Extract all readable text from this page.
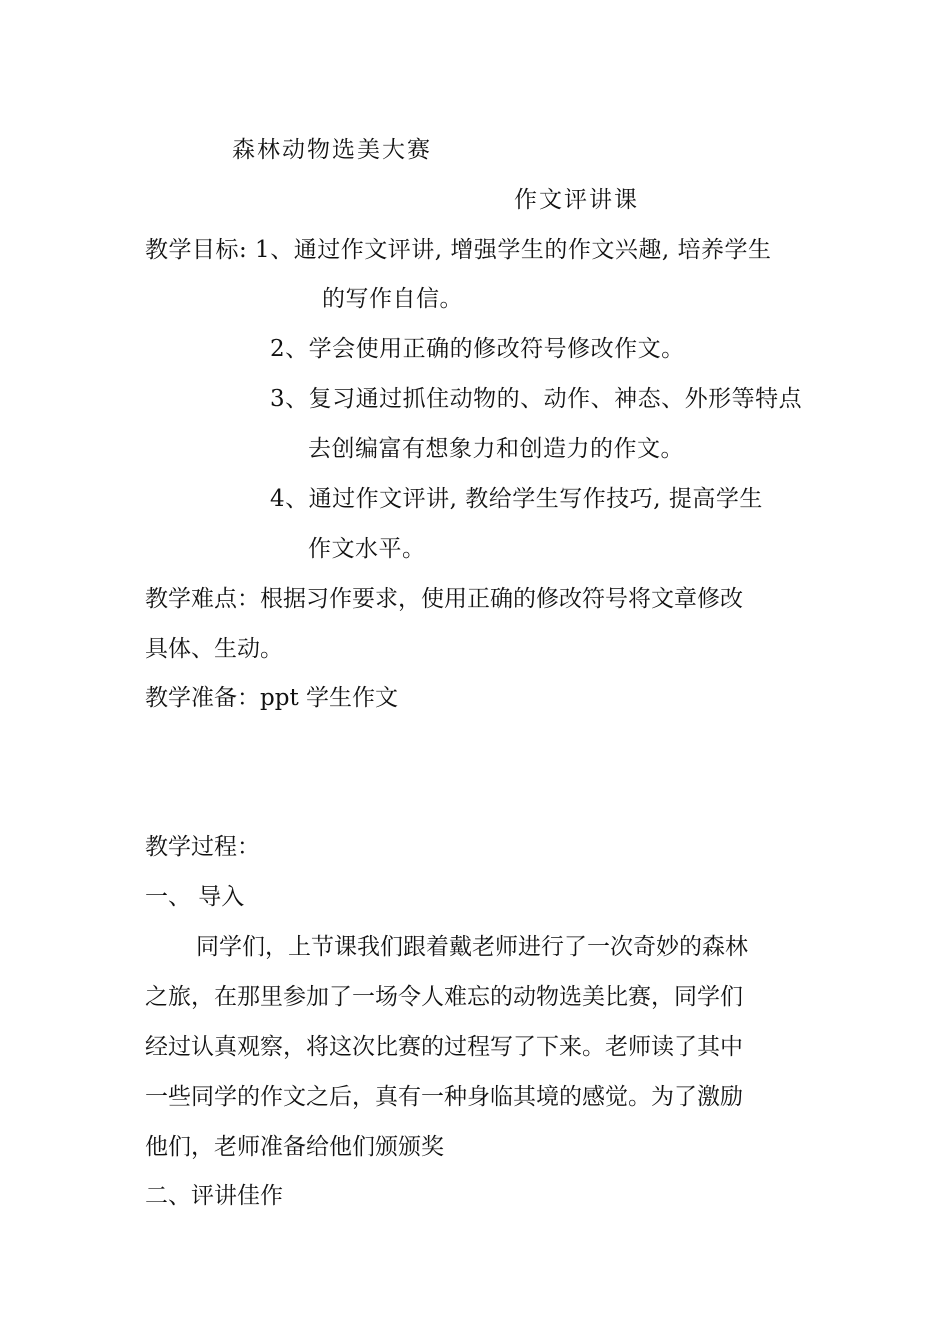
森林动物选美大赛
作文评讲课
教学目标: 1、通过作文评讲, 增强学生的作文兴趣, 培养学生
的写作自信。
2、学会使用正确的修改符号修改作文。
3、复习通过抓住动物的、动作、神态、外形等特点
去创编富有想象力和创造力的作文。
4、通过作文评讲, 教给学生写作技巧, 提高学生
作文水平。
教学难点：根据习作要求，使用正确的修改符号将文章修改
具体、生动。
教学准备：ppt 学生作文
教学过程：
一、 导入
同学们，上节课我们跟着戴老师进行了一次奇妙的森林
之旅，在那里参加了一场令人难忘的动物选美比赛，同学们
经过认真观察，将这次比赛的过程写了下来。老师读了其中
一些同学的作文之后，真有一种身临其境的感觉。为了激励
他们，老师准备给他们颁颁奖
二、评讲佳作
